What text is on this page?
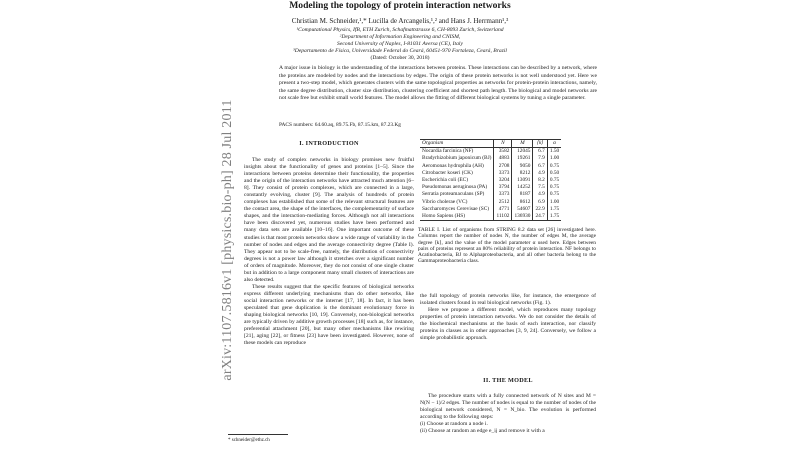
Modeling the topology of protein interaction networks
Christian M. Schneider,¹,* Lucilla de Arcangelis,¹,² and Hans J. Herrmann¹,³
¹Computational Physics, IfB, ETH Zurich, Schafmattstrasse 6, CH-8093 Zurich, Switzerland
²Department of Information Engineering and CNISM,
Second University of Naples, I-81031 Aversa (CE), Italy
³Departamento de Física, Universidade Federal do Ceará, 60451-970 Fortaleza, Ceará, Brazil
(Dated: October 30, 2018)
A major issue in biology is the understanding of the interactions between proteins. These interactions can be described by a network, where the proteins are modeled by nodes and the interactions by edges. The origin of these protein networks is not well understood yet. Here we present a two-step model, which generates clusters with the same topological properties as networks for protein-protein interactions, namely, the same degree distribution, cluster size distribution, clustering coefficient and shortest path length. The biological and model networks are not scale free but exhibit small world features. The model allows the fitting of different biological systems by tuning a single parameter.
PACS numbers: 64.60.aq, 89.75.Fb, 87.15.km, 87.23.Kg
arXiv:1107.5816v1 [physics.bio-ph] 28 Jul 2011	I. INTRODUCTION

The study of complex networks in biology promises new fruitful insights about the functionality of genes and proteins [1–5]. Since the interactions between proteins determine their functionality, the properties and the origin of the interaction networks have attracted much attention [6–8]. They consist of protein complexes, which are connected in a large, constantly evolving, cluster [9]. The analysis of hundreds of protein complexes has established that some of the relevant structural features are the contact area, the shape of the interfaces, the complementarity of surface shapes, and the interaction-mediating forces. Although not all interactions have been discovered yet, numerous studies have been performed and many data sets are available [10–16]. One important outcome of these studies is that most protein networks show a wide range of variability in the number of nodes and edges and the average connectivity degree (Table I). They appear not to be scale-free, namely, the distribution of connectivity degrees is not a power law although it stretches over a significant number of orders of magnitude. Moreover, they do not consist of one single cluster but in addition to a large component many small clusters of interactions are also detected.

These results suggest that the specific features of biological networks express different underlying mechanisms than do other networks, like social interaction networks or the internet [17, 18]. In fact, it has been speculated that gene duplication is the dominant evolutionary force in shaping biological networks [10, 19]. Conversely, non-biological networks are typically driven by additive growth processes [18] such as, for instance, preferential attachment [20], but many other mechanisms like rewiring [21], aging [22], or fitness [23] have been investigated. However, none of these models can reproduce

* schneider@ethz.ch
Organism	N	M	⟨k⟩	α
Nocardia farcinica (NF)	3582	12045	6.7	1.50
Bradyrhizobium japonicum (BJ)	4883	19261	7.9	1.00
Aeromonas hydrophila (AH)	2708	9050	6.7	0.75
Citrobacter koseri (CK)	3373	8212	4.9	0.50
Escherichia coli (EC)	3204	13091	8.2	0.75
Pseudomonas aeruginosa (PA)	3794	14252	7.5	0.75
Serratia proteamaculans (SP)	3373	8187	4.9	0.75
Vibrio cholerae (VC)	2512	8612	6.9	1.00
Saccharomyces Cerevisae (SC)	4771	54607	22.9	1.75
Homo Sapiens (HS)	11102	136930	24.7	1.75
TABLE I. List of organisms from STRING 8.2 data set [26] investigated here. Columns report the number of nodes N, the number of edges M, the average degree ⟨k⟩, and the value of the model parameter α used here. Edges between pairs of proteins represent an 80% reliability of protein interaction. NF belongs to Acatinobacteria, BJ to Alphaproteobacteria, and all other bacteria belong to the Gammaproteobacteria class.

the full topology of protein networks like, for instance, the emergence of isolated clusters found in real biological networks (Fig. 1).

Here we propose a different model, which reproduces many topology properties of protein interaction networks. We do not consider the details of the biochemical mechanisms at the basis of each interaction, nor classify proteins in classes as in other approaches [3, 9, 24]. Conversely, we follow a simple probabilistic approach.

II. THE MODEL

The procedure starts with a fully connected network of N sites and M = N(N − 1)/2 edges. The number of nodes is equal to the number of nodes of the biological network considered, N = N_bio. The evolution is performed according to the following steps:

(i) Choose at random a node i.
(ii) Choose at random an edge e_ij and remove it with a
